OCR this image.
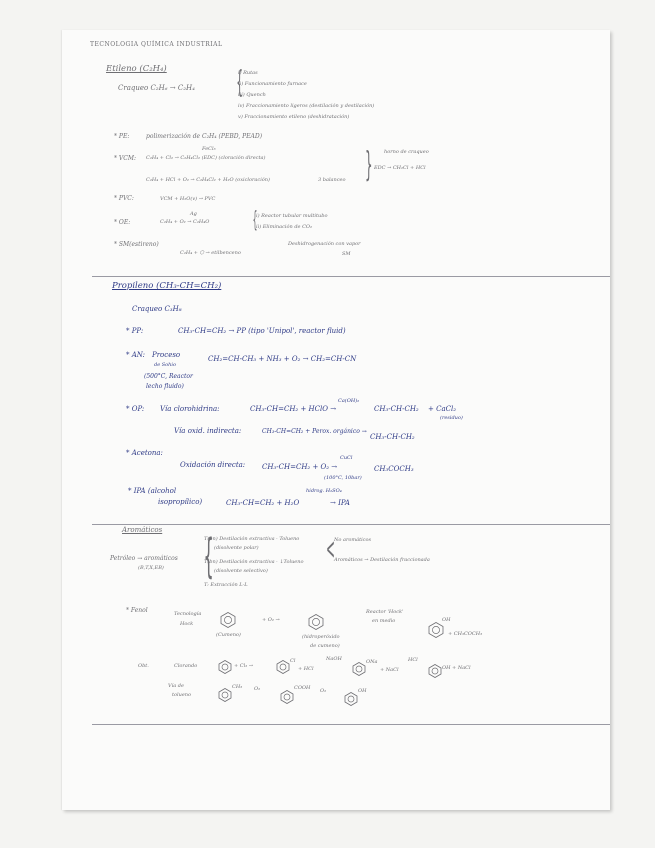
TECNOLOGIA QUÍMICA INDUSTRIAL
Etileno (C₂H₄)
Craqueo C₂H₆ → C₂H₄ {
i) Rutas
ii) Funcionamiento furnace
iii) Quench
iv) Fraccionamiento ligeros (destilación y destilación)
v) Fraccionamiento etileno (deshidratación)
* PE:	polimerización de C₂H₄ (PEBD, PEAD)
* VCM:
FeCl₃
C₂H₄ + Cl₂ → C₂H₄Cl₂ (EDC) (cloración directa)
C₂H₄ + HCl + O₂ → C₂H₄Cl₂ + H₂O (oxicloración)	3 balanceo } horno de craqueo
EDC → CH₂Cl + HCl
* PVC:	VCM + H₂O(v) → PVC
* OE:
Ag
C₂H₄ + O₂ → C₂H₄O {
i) Reactor tubular multitubo
ii) Eliminación de CO₂
* SM(estireno)
C₂H₄ + ⬡ → etilbenceno
Deshidrogenación con vapor
SM
Propileno (CH₃-CH=CH₂)
Craqueo C₃H₈
* PP:	CH₃-CH=CH₂ → PP (tipo 'Unipol', reactor fluid)
* AN: Proceso
de Sohio
(500°C, Reactor
lecho fluido)
CH₂=CH-CH₃ + NH₃ + O₂ → CH₂=CH-CN
* OP: Vía clorohidrina:	CH₃-CH=CH₂ + HClO →
Ca(OH)₂
CH₃-CH-CH₂ + CaCl₂
(residuo)
Vía oxid. indirecta:	CH₃-CH=CH₂ + Perox. orgánico →
CH₃-CH-CH₂
* Acetona:
Oxidación directa: CH₃-CH=CH₂ + O₂ →
CuCl
(100°C, 10bar)
CH₃COCH₃
* IPA (alcohol
isopropílico)	CH₃-CH=CH₂ + H₂O
hidrog. H₂SO₄
→ IPA
Aromáticos
Petróleo → aromáticos
(B,T,X,EB) {
T(bn) Destilación extractiva · Tolueno
(disolvente polar)
T(bn) Destilación extractiva · ↓Tolueno
(disolvente selectivo)
T: Extracción L-L
< No aromáticos
Aromáticos → Destilación fraccionada
* Fenol	Tecnología
Hock
(Cumeno)
+ O₂ →
(hidroperóxido
de cumeno)
Reactor 'Hock'
en medio	OH
+ CH₃COCH₃
Obt.	Clorando	+ Cl₂ →
Cl
+ HCl
NaOH	ONa
+ NaCl
HCl
OH + NaCl
Vía de
tolueno
CH₃ O₂	COOH O₂	OH
